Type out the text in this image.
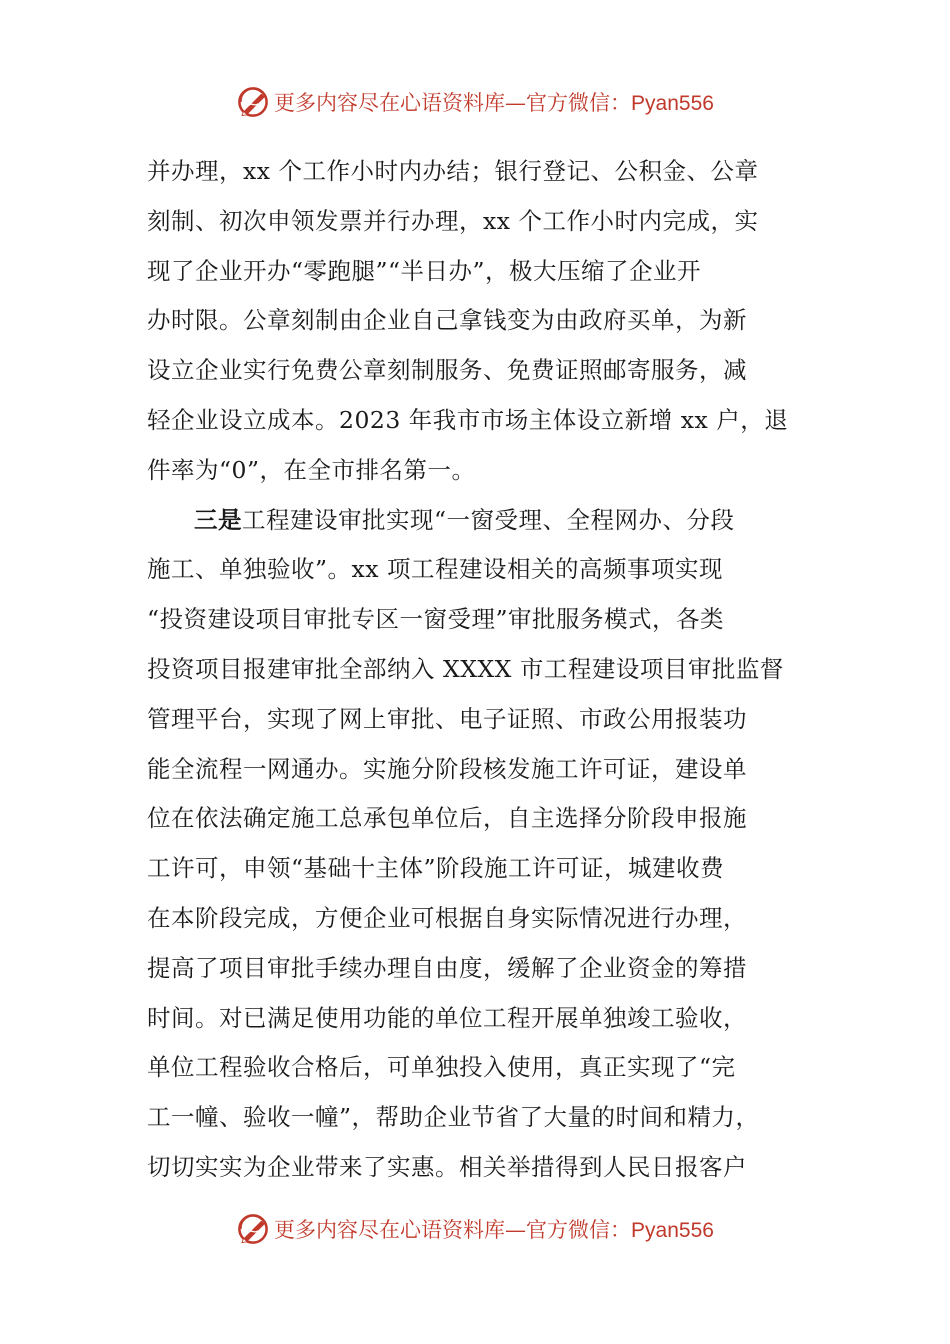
更多内容尽在心语资料库—官方微信：Pyan556
并办理，xx 个工作小时内办结；银行登记、公积金、公章
刻制、初次申领发票并行办理，xx 个工作小时内完成，实
现了企业开办“零跑腿”“半日办”，极大压缩了企业开
办时限。公章刻制由企业自己拿钱变为由政府买单，为新
设立企业实行免费公章刻制服务、免费证照邮寄服务，减
轻企业设立成本。2023 年我市市场主体设立新增 xx 户，退
件率为“0”，在全市排名第一。
三是工程建设审批实现“一窗受理、全程网办、分段
施工、单独验收”。xx 项工程建设相关的高频事项实现
“投资建设项目审批专区一窗受理”审批服务模式，各类
投资项目报建审批全部纳入 XXXX 市工程建设项目审批监督
管理平台，实现了网上审批、电子证照、市政公用报装功
能全流程一网通办。实施分阶段核发施工许可证，建设单
位在依法确定施工总承包单位后，自主选择分阶段申报施
工许可，申领“基础十主体”阶段施工许可证，城建收费
在本阶段完成，方便企业可根据自身实际情况进行办理，
提高了项目审批手续办理自由度，缓解了企业资金的筹措
时间。对已满足使用功能的单位工程开展单独竣工验收，
单位工程验收合格后，可单独投入使用，真正实现了“完
工一幢、验收一幢”，帮助企业节省了大量的时间和精力，
切切实实为企业带来了实惠。相关举措得到人民日报客户
更多内容尽在心语资料库—官方微信：Pyan556
